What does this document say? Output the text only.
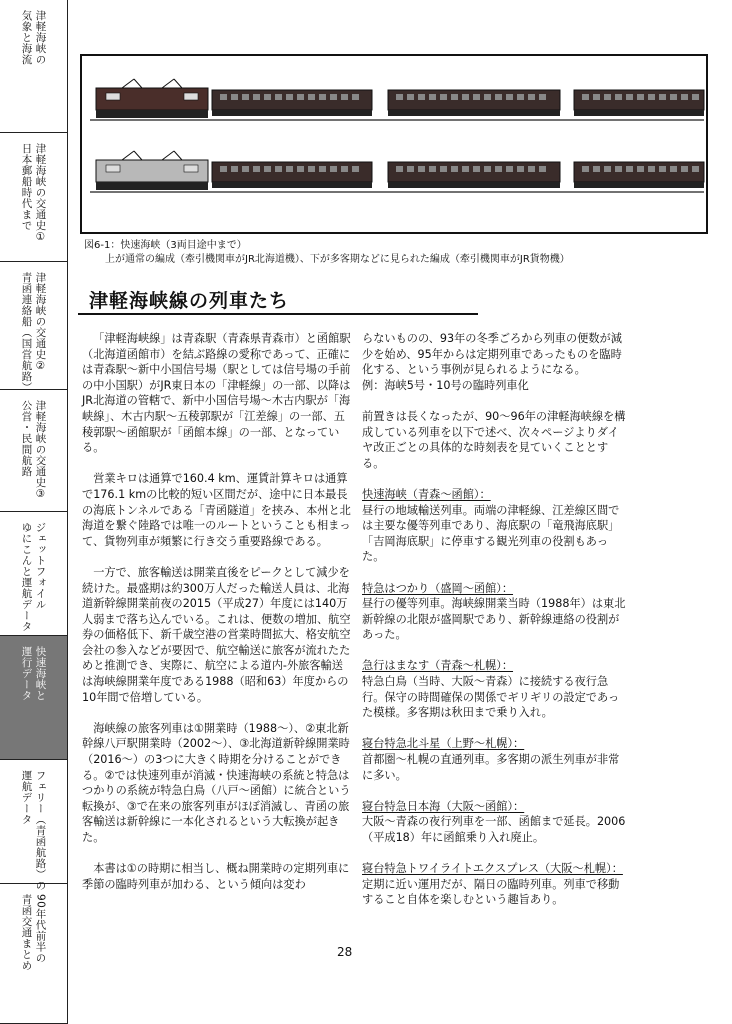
津軽海峡の
気象と海流
津軽海峡の交通史①
日本郵船時代まで
津軽海峡の交通史②
青函連絡船（国営航路）
津軽海峡の交通史③
公営・民間航路
ジェットフォイル
ゆにこんと運航データ
快速海峡と
運行データ
フェリー（青函航路）の
運航データ
90年代前半の
青函交通まとめ
図6-1：快速海峡（3両目途中まで）
上が通常の編成（牽引機関車がJR北海道機）、下が多客期などに見られた編成（牽引機関車がJR貨物機）
津軽海峡線の列車たち

「津軽海峡線」は青森駅（青森県青森市）と函館駅（北海道函館市）を結ぶ路線の愛称であって、正確には青森駅～新中小国信号場（駅としては信号場の手前の中小国駅）がJR東日本の「津軽線」の一部、以降はJR北海道の管轄で、新中小国信号場～木古内駅が「海峡線」、木古内駅～五稜郭駅が「江差線」の一部、五稜郭駅～函館駅が「函館本線」の一部、となっている。

営業キロは通算で160.4 km、運賃計算キロは通算で176.1 kmの比較的短い区間だが、途中に日本最長の海底トンネルである「青函隧道」を挟み、本州と北海道を繋ぐ陸路では唯一のルートということも相まって、貨物列車が頻繁に行き交う重要路線である。

一方で、旅客輸送は開業直後をピークとして減少を続けた。最盛期は約300万人だった輸送人員は、北海道新幹線開業前夜の2015（平成27）年度には140万人弱まで落ち込んでいる。これは、便数の増加、航空券の価格低下、新千歳空港の営業時間拡大、格安航空会社の参入などが要因で、航空輸送に旅客が流れたためと推測でき、実際に、航空による道内-外旅客輸送は海峡線開業年度である1988（昭和63）年度からの10年間で倍増している。

海峡線の旅客列車は①開業時（1988～）、②東北新幹線八戸駅開業時（2002～）、③北海道新幹線開業時（2016～）の3つに大きく時期を分けることができる。②では快速列車が消滅・快速海峡の系統と特急はつかりの系統が特急白鳥（八戸～函館）に統合という転換が、③で在来の旅客列車がほぼ消滅し、青函の旅客輸送は新幹線に一本化されるという大転換が起きた。

本書は①の時期に相当し、概ね開業時の定期列車に季節の臨時列車が加わる、という傾向は変わ

らないものの、93年の冬季ごろから列車の便数が減少を始め、95年からは定期列車であったものを臨時化する、という事例が見られるようになる。
例：海峡5号・10号の臨時列車化

前置きは長くなったが、90～96年の津軽海峡線を構成している列車を以下で述べ、次々ページよりダイヤ改正ごとの具体的な時刻表を見ていくこととする。

快速海峡（青森～函館）：
昼行の地域輸送列車。両端の津軽線、江差線区間では主要な優等列車であり、海底駅の「竜飛海底駅」「吉岡海底駅」に停車する観光列車の役割もあった。

特急はつかり（盛岡～函館）：
昼行の優等列車。海峡線開業当時（1988年）は東北新幹線の北限が盛岡駅であり、新幹線連絡の役割があった。

急行はまなす（青森～札幌）：
特急白鳥（当時、大阪～青森）に接続する夜行急行。保守の時間確保の関係でギリギリの設定であった模様。多客期は秋田まで乗り入れ。

寝台特急北斗星（上野～札幌）：
首都圏～札幌の直通列車。多客期の派生列車が非常に多い。

寝台特急日本海（大阪～函館）：
大阪～青森の夜行列車を一部、函館まで延長。2006（平成18）年に函館乗り入れ廃止。

寝台特急トワイライトエクスプレス（大阪～札幌）：
定期に近い運用だが、隔日の臨時列車。列車で移動すること自体を楽しむという趣旨あり。

28
